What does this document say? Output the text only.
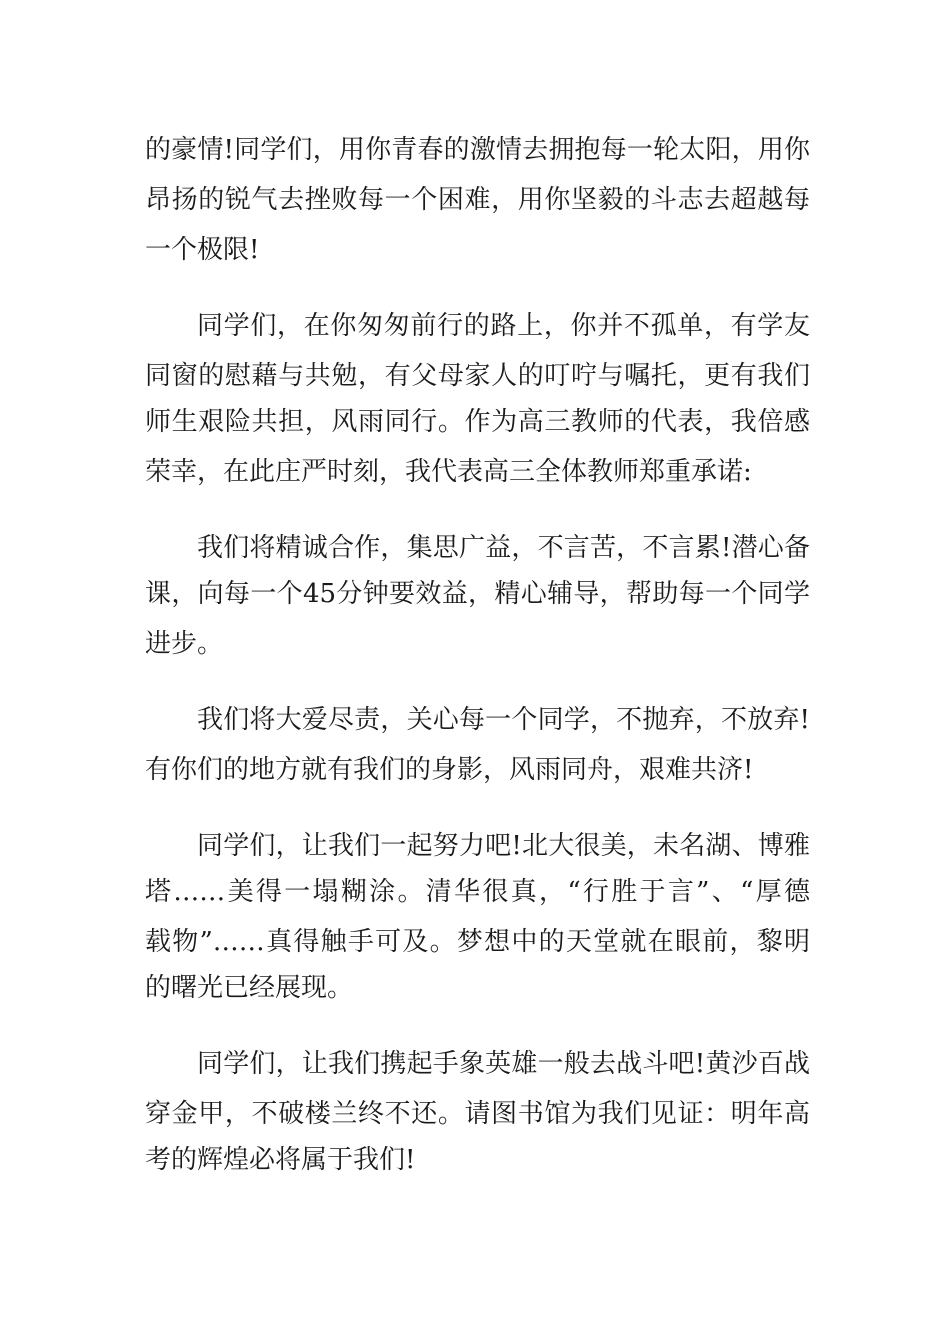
的豪情!同学们，用你青春的激情去拥抱每一轮太阳，用你

昂扬的锐气去挫败每一个困难，用你坚毅的斗志去超越每

一个极限!

同学们，在你匆匆前行的路上，你并不孤单，有学友

同窗的慰藉与共勉，有父母家人的叮咛与嘱托，更有我们

师生艰险共担，风雨同行。作为高三教师的代表，我倍感

荣幸，在此庄严时刻，我代表高三全体教师郑重承诺:

我们将精诚合作，集思广益，不言苦，不言累!潜心备

课，向每一个45分钟要效益，精心辅导，帮助每一个同学

进步。

我们将大爱尽责，关心每一个同学，不抛弃，不放弃!

有你们的地方就有我们的身影，风雨同舟，艰难共济!

同学们，让我们一起努力吧!北大很美，未名湖、博雅

塔……美得一塌糊涂。清华很真，“行胜于言”、“厚德

载物”……真得触手可及。梦想中的天堂就在眼前，黎明

的曙光已经展现。

同学们，让我们携起手象英雄一般去战斗吧!黄沙百战

穿金甲，不破楼兰终不还。请图书馆为我们见证：明年高

考的辉煌必将属于我们!
